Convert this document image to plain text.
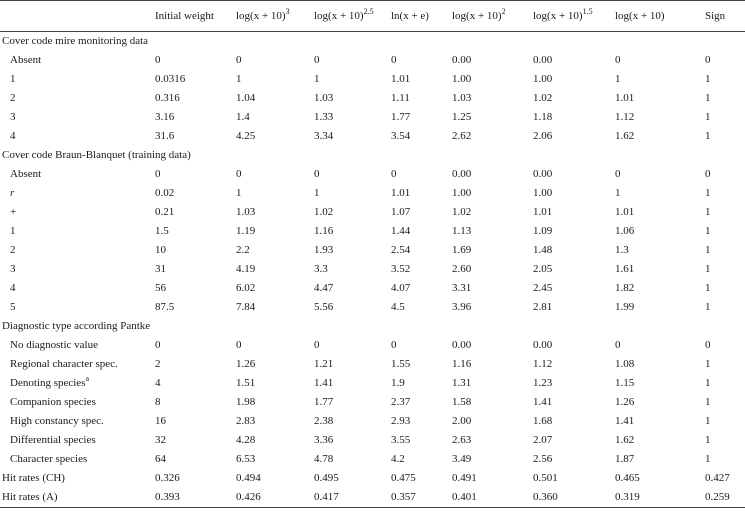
	Initial weight	$\log(x + 10)^3$	$\log(x + 10)^{2.5}$	ln(x + e)	$\log(x + 10)^2$	$\log(x + 10)^{1.5}$	log(x + 10)	Sign
Cover code mire monitoring data								
Absent	0	0	0	0	0.00	0.00	0	0
1	0.0316	1	1	1.01	1.00	1.00	1	1
2	0.316	1.04	1.03	1.11	1.03	1.02	1.01	1
3	3.16	1.4	1.33	1.77	1.25	1.18	1.12	1
4	31.6	4.25	3.34	3.54	2.62	2.06	1.62	1
Cover code Braun-Blanquet (training data)								
Absent	0	0	0	0	0.00	0.00	0	0
r	0.02	1	1	1.01	1.00	1.00	1	1
+	0.21	1.03	1.02	1.07	1.02	1.01	1.01	1
1	1.5	1.19	1.16	1.44	1.13	1.09	1.06	1
2	10	2.2	1.93	2.54	1.69	1.48	1.3	1
3	31	4.19	3.3	3.52	2.60	2.05	1.61	1
4	56	6.02	4.47	4.07	3.31	2.45	1.82	1
5	87.5	7.84	5.56	4.5	3.96	2.81	1.99	1
Diagnostic type according Pantke								
No diagnostic value	0	0	0	0	0.00	0.00	0	0
Regional character spec.	2	1.26	1.21	1.55	1.16	1.12	1.08	1
Denoting species$^a$	4	1.51	1.41	1.9	1.31	1.23	1.15	1
Companion species	8	1.98	1.77	2.37	1.58	1.41	1.26	1
High constancy spec.	16	2.83	2.38	2.93	2.00	1.68	1.41	1
Differential species	32	4.28	3.36	3.55	2.63	2.07	1.62	1
Character species	64	6.53	4.78	4.2	3.49	2.56	1.87	1
Hit rates (CH)	0.326	0.494	0.495	0.475	0.491	0.501	0.465	0.427
Hit rates (A)	0.393	0.426	0.417	0.357	0.401	0.360	0.319	0.259
